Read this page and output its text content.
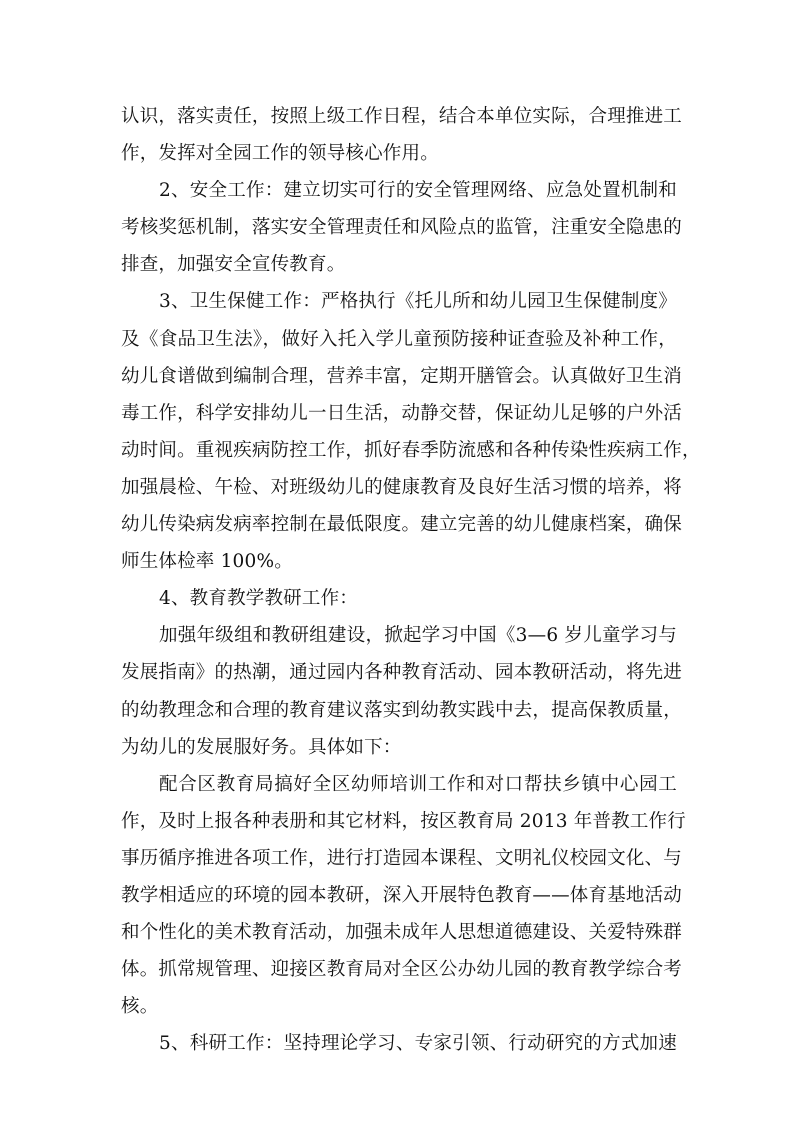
认识，落实责任，按照上级工作日程，结合本单位实际，合理推进工
作，发挥对全园工作的领导核心作用。
2、安全工作：建立切实可行的安全管理网络、应急处置机制和
考核奖惩机制，落实安全管理责任和风险点的监管，注重安全隐患的
排查，加强安全宣传教育。
3、卫生保健工作：严格执行《托儿所和幼儿园卫生保健制度》
及《食品卫生法》，做好入托入学儿童预防接种证查验及补种工作，
幼儿食谱做到编制合理，营养丰富，定期开膳管会。认真做好卫生消
毒工作，科学安排幼儿一日生活，动静交替，保证幼儿足够的户外活
动时间。重视疾病防控工作，抓好春季防流感和各种传染性疾病工作，
加强晨检、午检、对班级幼儿的健康教育及良好生活习惯的培养，将
幼儿传染病发病率控制在最低限度。建立完善的幼儿健康档案，确保
师生体检率 100%。
4、教育教学教研工作：
加强年级组和教研组建设，掀起学习中国《3—6 岁儿童学习与
发展指南》的热潮，通过园内各种教育活动、园本教研活动，将先进
的幼教理念和合理的教育建议落实到幼教实践中去，提高保教质量，
为幼儿的发展服好务。具体如下：
配合区教育局搞好全区幼师培训工作和对口帮扶乡镇中心园工
作，及时上报各种表册和其它材料，按区教育局 2013 年普教工作行
事历循序推进各项工作，进行打造园本课程、文明礼仪校园文化、与
教学相适应的环境的园本教研，深入开展特色教育——体育基地活动
和个性化的美术教育活动，加强未成年人思想道德建设、关爱特殊群
体。抓常规管理、迎接区教育局对全区公办幼儿园的教育教学综合考
核。
5、科研工作：坚持理论学习、专家引领、行动研究的方式加速
